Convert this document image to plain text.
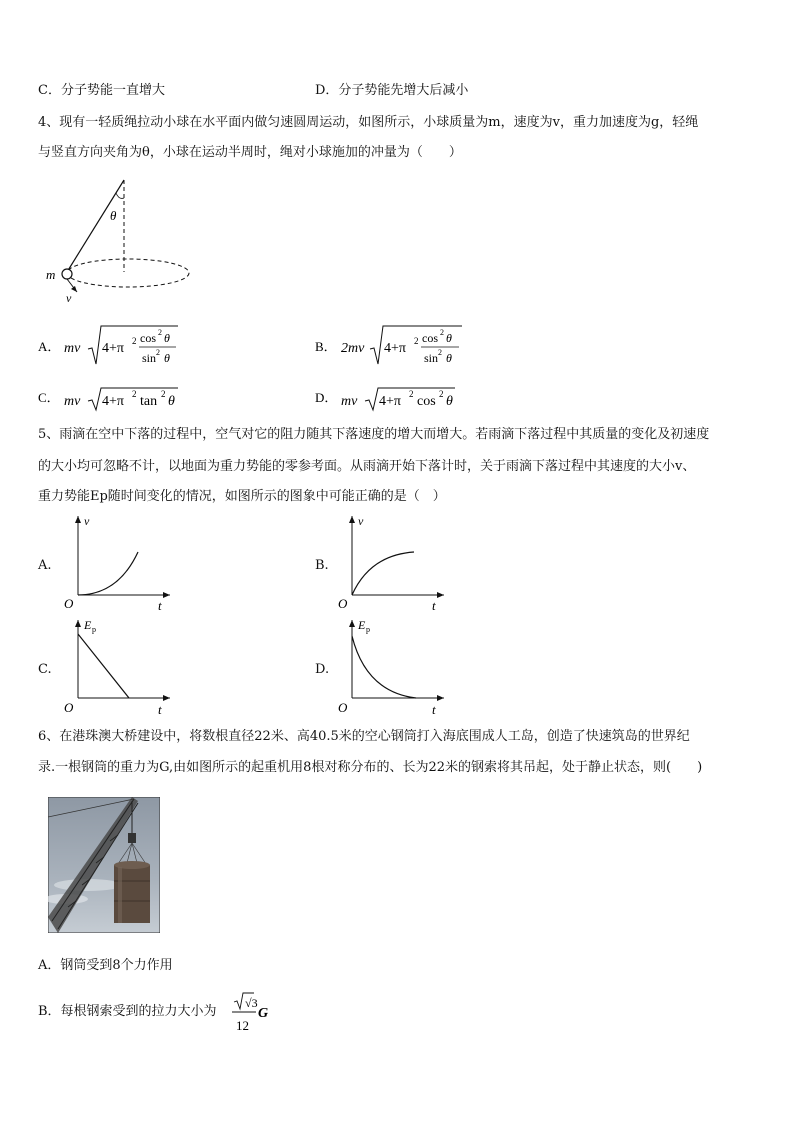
C．分子势能一直增大	D．分子势能先增大后减小
4、现有一轻质绳拉动小球在水平面内做匀速圆周运动，如图所示，小球质量为m，速度为v，重力加速度为g，轻绳
与竖直方向夹角为θ，小球在运动半周时，绳对小球施加的冲量为（　　）
θ
m
v
A． mv 4+π 2 cos 2 θ
sin 2 θ
B． 2mv 4+π 2 cos 2 θ
sin 2 θ
C． mv 4+π 2 tan 2 θ	D． mv 4+π 2 cos 2 θ
5、雨滴在空中下落的过程中，空气对它的阻力随其下落速度的增大而增大。若雨滴下落过程中其质量的变化及初速度
的大小均可忽略不计，以地面为重力势能的零参考面。从雨滴开始下落计时，关于雨滴下落过程中其速度的大小v、
重力势能Ep随时间变化的情况，如图所示的图象中可能正确的是（　）
A.
v
O	t
B.
v
O	t
C.
E p
O	t
D.
E p
O	t
6、在港珠澳大桥建设中，将数根直径22米、高40.5米的空心钢筒打入海底围成人工岛，创造了快速筑岛的世界纪
录.一根钢筒的重力为G,由如图所示的起重机用8根对称分布的、长为22米的钢索将其吊起，处于静止状态，则(　　)
A．钢筒受到8个力作用
B．每根钢索受到的拉力大小为
√3
12
G
